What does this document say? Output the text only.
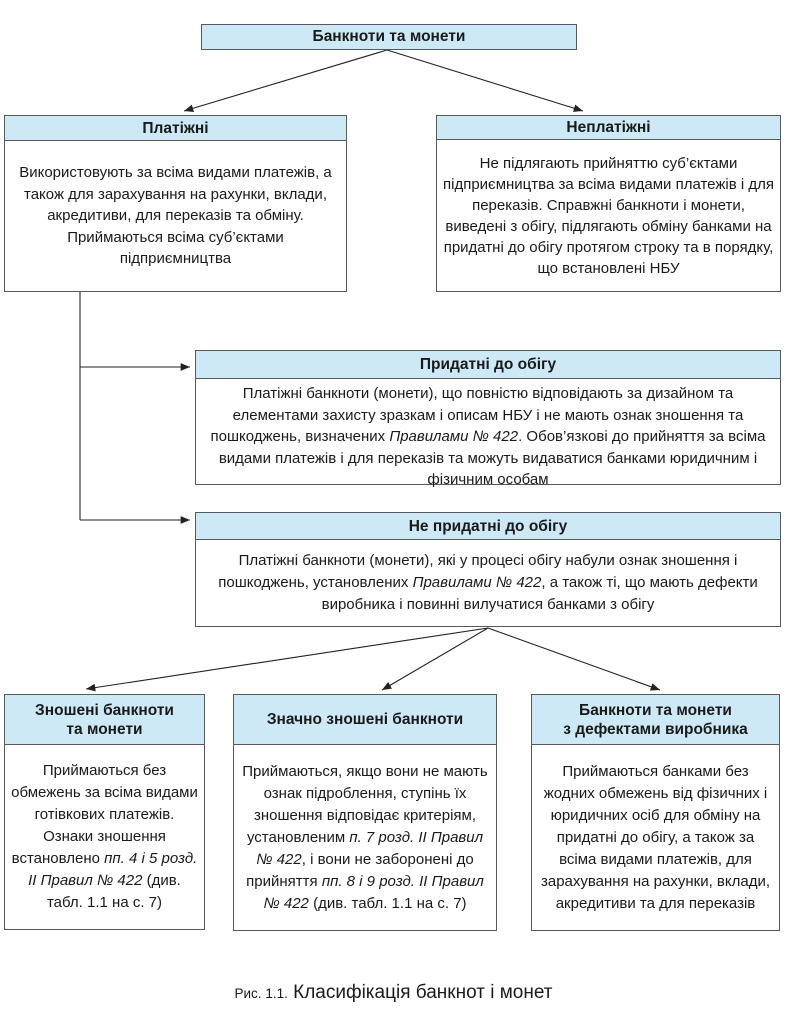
Банкноти та монети
Платіжні
Використовують за всіма видами платежів, а також для зарахування на рахунки, вклади, акредитиви, для переказів та обміну. Приймаються всіма суб’єктами підприємництва
Неплатіжні
Не підлягають прийняттю суб’єктами підприємництва за всіма видами платежів і для переказів. Справжні банкноти і монети, виведені з обігу, підлягають обміну банками на придатні до обігу протягом строку та в порядку, що встановлені НБУ
Придатні до обігу
Платіжні банкноти (монети), що повністю відповідають за дизайном та елементами захисту зразкам і описам НБУ і не мають ознак зношення та пошкоджень, визначених Правилами № 422. Обов’язкові до прийняття за всіма видами платежів і для переказів та можуть видаватися банками юридичним і фізичним особам
Не придатні до обігу
Платіжні банкноти (монети), які у процесі обігу набули ознак зношення і пошкоджень, установлених Правилами № 422, а також ті, що мають дефекти виробника і повинні вилучатися банками з обігу
Зношені банкноти
та монети
Приймаються без обмежень за всіма видами готівкових платежів. Ознаки зношення встановлено пп. 4 і 5 розд. II Правил № 422 (див. табл. 1.1 на с. 7)
Значно зношені банкноти
Приймаються, якщо вони не мають ознак підроблення, ступінь їх зношення відповідає критеріям, установленим п. 7 розд. II Правил № 422, і вони не заборонені до прийняття пп. 8 і 9 розд. II Правил № 422 (див. табл. 1.1 на с. 7)
Банкноти та монети
з дефектами виробника
Приймаються банками без жодних обмежень від фізичних і юридичних осіб для обміну на придатні до обігу, а також за всіма видами платежів, для зарахування на рахунки, вклади, акредитиви та для переказів
Рис. 1.1. Класифікація банкнот і монет
